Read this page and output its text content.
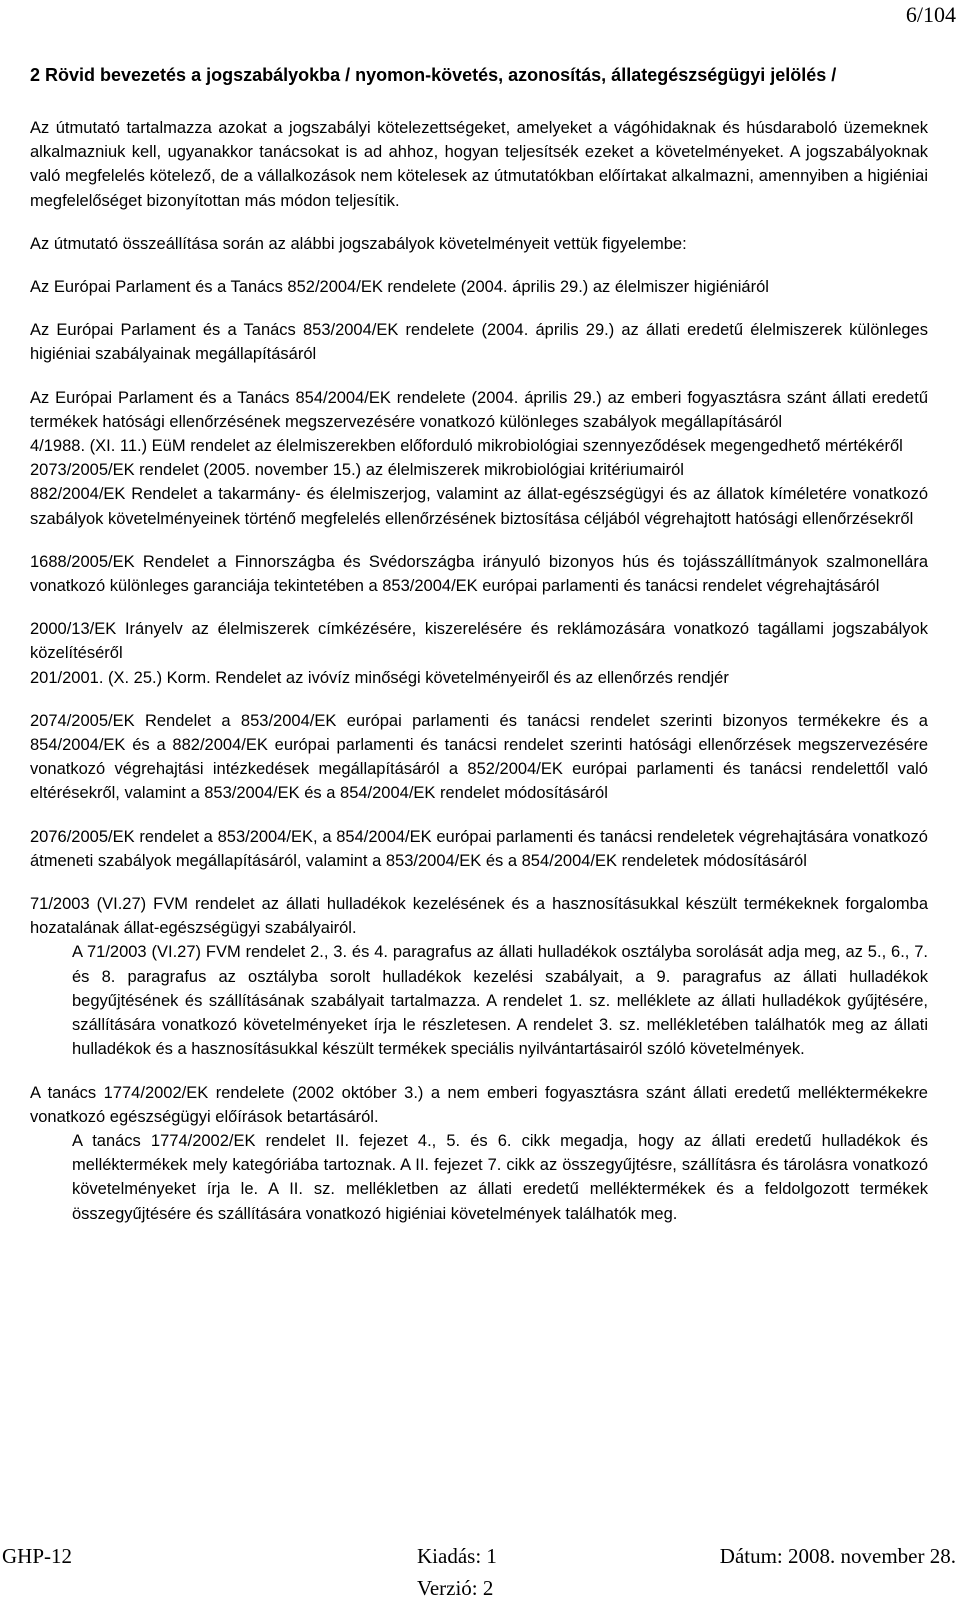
6/104
2 Rövid bevezetés a jogszabályokba / nyomon-követés, azonosítás, állategészségügyi jelölés /

Az útmutató tartalmazza azokat a jogszabályi kötelezettségeket, amelyeket a vágóhidaknak és húsdaraboló üzemeknek alkalmazniuk kell, ugyanakkor tanácsokat is ad ahhoz, hogyan teljesítsék ezeket a követelményeket. A jogszabályoknak való megfelelés kötelező, de a vállalkozások nem kötelesek az útmutatókban előírtakat alkalmazni, amennyiben a higiéniai megfelelőséget bizonyítottan más módon teljesítik.

Az útmutató összeállítása során az alábbi jogszabályok követelményeit vettük figyelembe:

Az Európai Parlament és a Tanács 852/2004/EK rendelete (2004. április 29.) az élelmiszer higiéniáról

Az Európai Parlament és a Tanács 853/2004/EK rendelete (2004. április 29.) az állati eredetű élelmiszerek különleges higiéniai szabályainak megállapításáról

Az Európai Parlament és a Tanács 854/2004/EK rendelete (2004. április 29.) az emberi fogyasztásra szánt állati eredetű termékek hatósági ellenőrzésének megszervezésére vonatkozó különleges szabályok megállapításáról

4/1988. (XI. 11.) EüM rendelet az élelmiszerekben előforduló mikrobiológiai szennyeződések megengedhető mértékéről

2073/2005/EK rendelet (2005. november 15.) az élelmiszerek mikrobiológiai kritériumairól

882/2004/EK Rendelet a takarmány- és élelmiszerjog, valamint az állat-egészségügyi és az állatok kíméletére vonatkozó szabályok követelményeinek történő megfelelés ellenőrzésének biztosítása céljából végrehajtott hatósági ellenőrzésekről

1688/2005/EK Rendelet a Finnországba és Svédországba irányuló bizonyos hús és tojásszállítmányok szalmonellára vonatkozó különleges garanciája tekintetében a 853/2004/EK európai parlamenti és tanácsi rendelet végrehajtásáról

2000/13/EK Irányelv az élelmiszerek címkézésére, kiszerelésére és reklámozására vonatkozó tagállami jogszabályok közelítéséről

201/2001. (X. 25.) Korm. Rendelet az ivóvíz minőségi követelményeiről és az ellenőrzés rendjér

2074/2005/EK Rendelet a 853/2004/EK európai parlamenti és tanácsi rendelet szerinti bizonyos termékekre és a 854/2004/EK és a 882/2004/EK európai parlamenti és tanácsi rendelet szerinti hatósági ellenőrzések megszervezésére vonatkozó végrehajtási intézkedések megállapításáról a 852/2004/EK európai parlamenti és tanácsi rendelettől való eltérésekről, valamint a 853/2004/EK és a 854/2004/EK rendelet módosításáról

2076/2005/EK rendelet a 853/2004/EK, a 854/2004/EK európai parlamenti és tanácsi rendeletek végrehajtására vonatkozó átmeneti szabályok megállapításáról, valamint a 853/2004/EK és a 854/2004/EK rendeletek módosításáról

71/2003 (VI.27) FVM rendelet az állati hulladékok kezelésének és a hasznosításukkal készült termékeknek forgalomba hozatalának állat-egészségügyi szabályairól.

A 71/2003 (VI.27) FVM rendelet 2., 3. és 4. paragrafus az állati hulladékok osztályba sorolását adja meg, az 5., 6., 7. és 8. paragrafus az osztályba sorolt hulladékok kezelési szabályait, a 9. paragrafus az állati hulladékok begyűjtésének és szállításának szabályait tartalmazza. A rendelet 1. sz. melléklete az állati hulladékok gyűjtésére, szállítására vonatkozó követelményeket írja le részletesen. A rendelet 3. sz. mellékletében találhatók meg az állati hulladékok és a hasznosításukkal készült termékek speciális nyilvántartásairól szóló követelmények.

A tanács 1774/2002/EK rendelete (2002 október 3.) a nem emberi fogyasztásra szánt állati eredetű melléktermékekre vonatkozó egészségügyi előírások betartásáról.

A tanács 1774/2002/EK rendelet II. fejezet 4., 5. és 6. cikk megadja, hogy az állati eredetű hulladékok és melléktermékek mely kategóriába tartoznak. A II. fejezet 7. cikk az összegyűjtésre, szállításra és tárolásra vonatkozó követelményeket írja le. A II. sz. mellékletben az állati eredetű melléktermékek és a feldolgozott termékek összegyűjtésére és szállítására vonatkozó higiéniai követelmények találhatók meg.

GHP-12	Kiadás: 1	Dátum: 2008. november 28.
Verzió: 2
